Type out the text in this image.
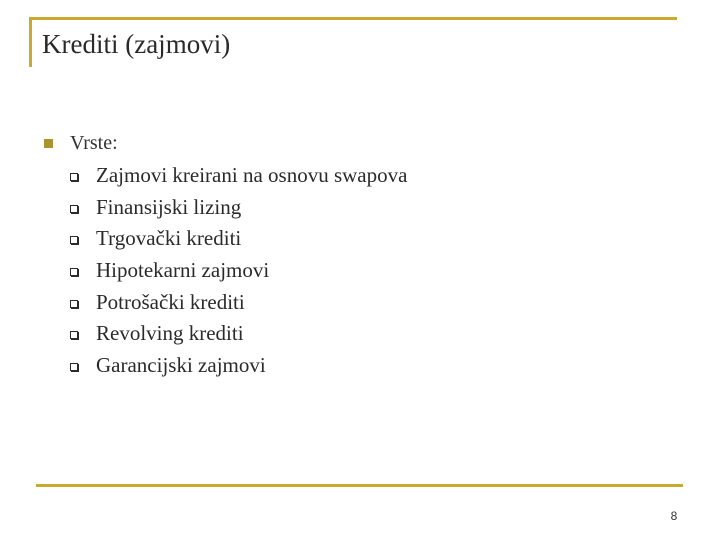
Krediti (zajmovi)
Vrste:
Zajmovi kreirani na osnovu swapova
Finansijski lizing
Trgovački krediti
Hipotekarni zajmovi
Potrošački krediti
Revolving krediti
Garancijski zajmovi
8
